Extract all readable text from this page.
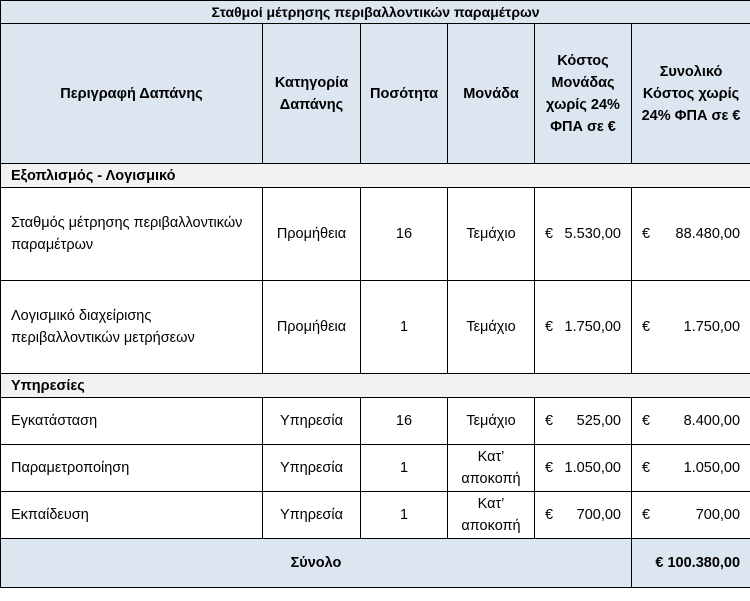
Σταθμοί μέτρησης περιβαλλοντικών παραμέτρων					
Περιγραφή Δαπάνης	Κατηγορία Δαπάνης	Ποσότητα	Μονάδα	Κόστος Μονάδας χωρίς 24% ΦΠΑ σε €	Συνολικό Κόστος χωρίς 24% ΦΠΑ σε €
Εξοπλισμός - Λογισμικό					
Σταθμός μέτρησης περιβαλλοντικών παραμέτρων	Προμήθεια	16	Τεμάχιο	€ 5.530,00	€ 88.480,00

Λογισμικό διαχείρισης περιβαλλοντικών μετρήσεων	Προμήθεια	1	Τεμάχιο	€ 1.750,00	€ 1.750,00

Υπηρεσίες					
Εγκατάσταση	Υπηρεσία	16	Τεμάχιο	€ 525,00	€ 8.400,00

Παραμετροποίηση	Υπηρεσία	1	Κατ’ αποκοπή	€ 1.050,00	€ 1.050,00

Εκπαίδευση	Υπηρεσία	1	Κατ’ αποκοπή	€ 700,00	€ 700,00

Σύνολο					€ 100.380,00
